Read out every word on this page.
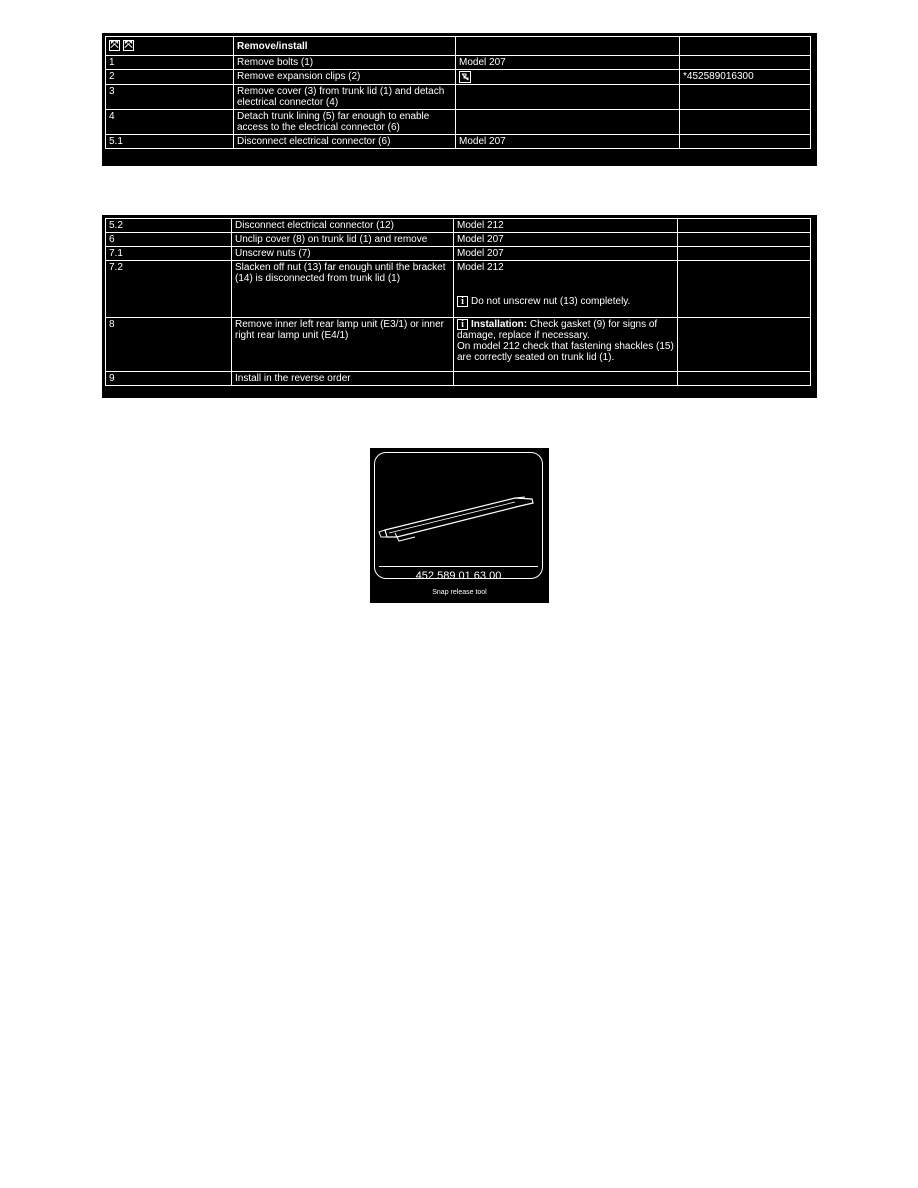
⤧ ⤧	Remove/install		
1	Remove bolts (1)	Model 207	
2	Remove expansion clips (2)		*452589016300
3	Remove cover (3) from trunk lid (1) and detach electrical connector (4)		
4	Detach trunk lining (5) far enough to enable access to the electrical connector (6)		
5.1	Disconnect electrical connector (6)	Model 207	
5.2	Disconnect electrical connector (12)	Model 212	
6	Unclip cover (8) on trunk lid (1) and remove	Model 207	
7.1	Unscrew nuts (7)	Model 207	
7.2	Slacken off nut (13) far enough until the bracket (14) is disconnected from trunk lid (1)	Model 212
i Do not unscrew nut (13) completely.	

8	Remove inner left rear lamp unit (E3/1) or inner right rear lamp unit (E4/1)	i Installation: Check gasket (9) for signs of damage, replace if necessary.
On model 212 check that fastening shackles (15) are correctly seated on trunk lid (1).	

9	Install in the reverse order		
452 589 01 63 00
Snap release tool
